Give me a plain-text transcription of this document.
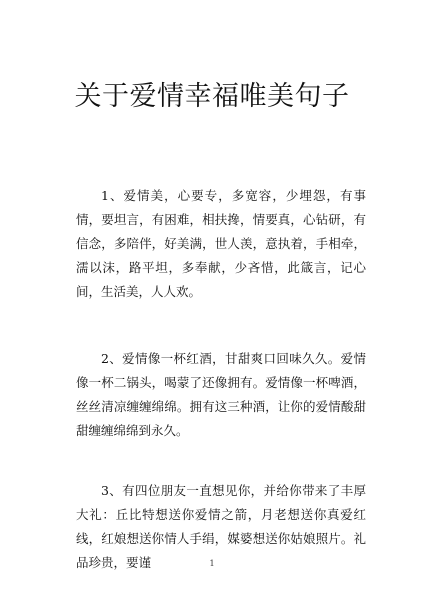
关于爱情幸福唯美句子

1、爱情美，心要专，多宽容，少埋怨，有事情，要坦言，有困难，相扶搀，情要真，心钻研，有信念，多陪伴，好美满，世人羡，意执着，手相牵，濡以沫，路平坦，多奉献，少吝惜，此箴言，记心间，生活美，人人欢。

2、爱情像一杯红酒，甘甜爽口回味久久。爱情像一杯二锅头，喝蒙了还像拥有。爱情像一杯啤酒，丝丝清凉缠缠绵绵。拥有这三种酒，让你的爱情酸甜甜缠缠绵绵到永久。

3、有四位朋友一直想见你，并给你带来了丰厚大礼：丘比特想送你爱情之箭，月老想送你真爱红线，红娘想送你情人手绢，媒婆想送你姑娘照片。礼品珍贵，要谨	1
